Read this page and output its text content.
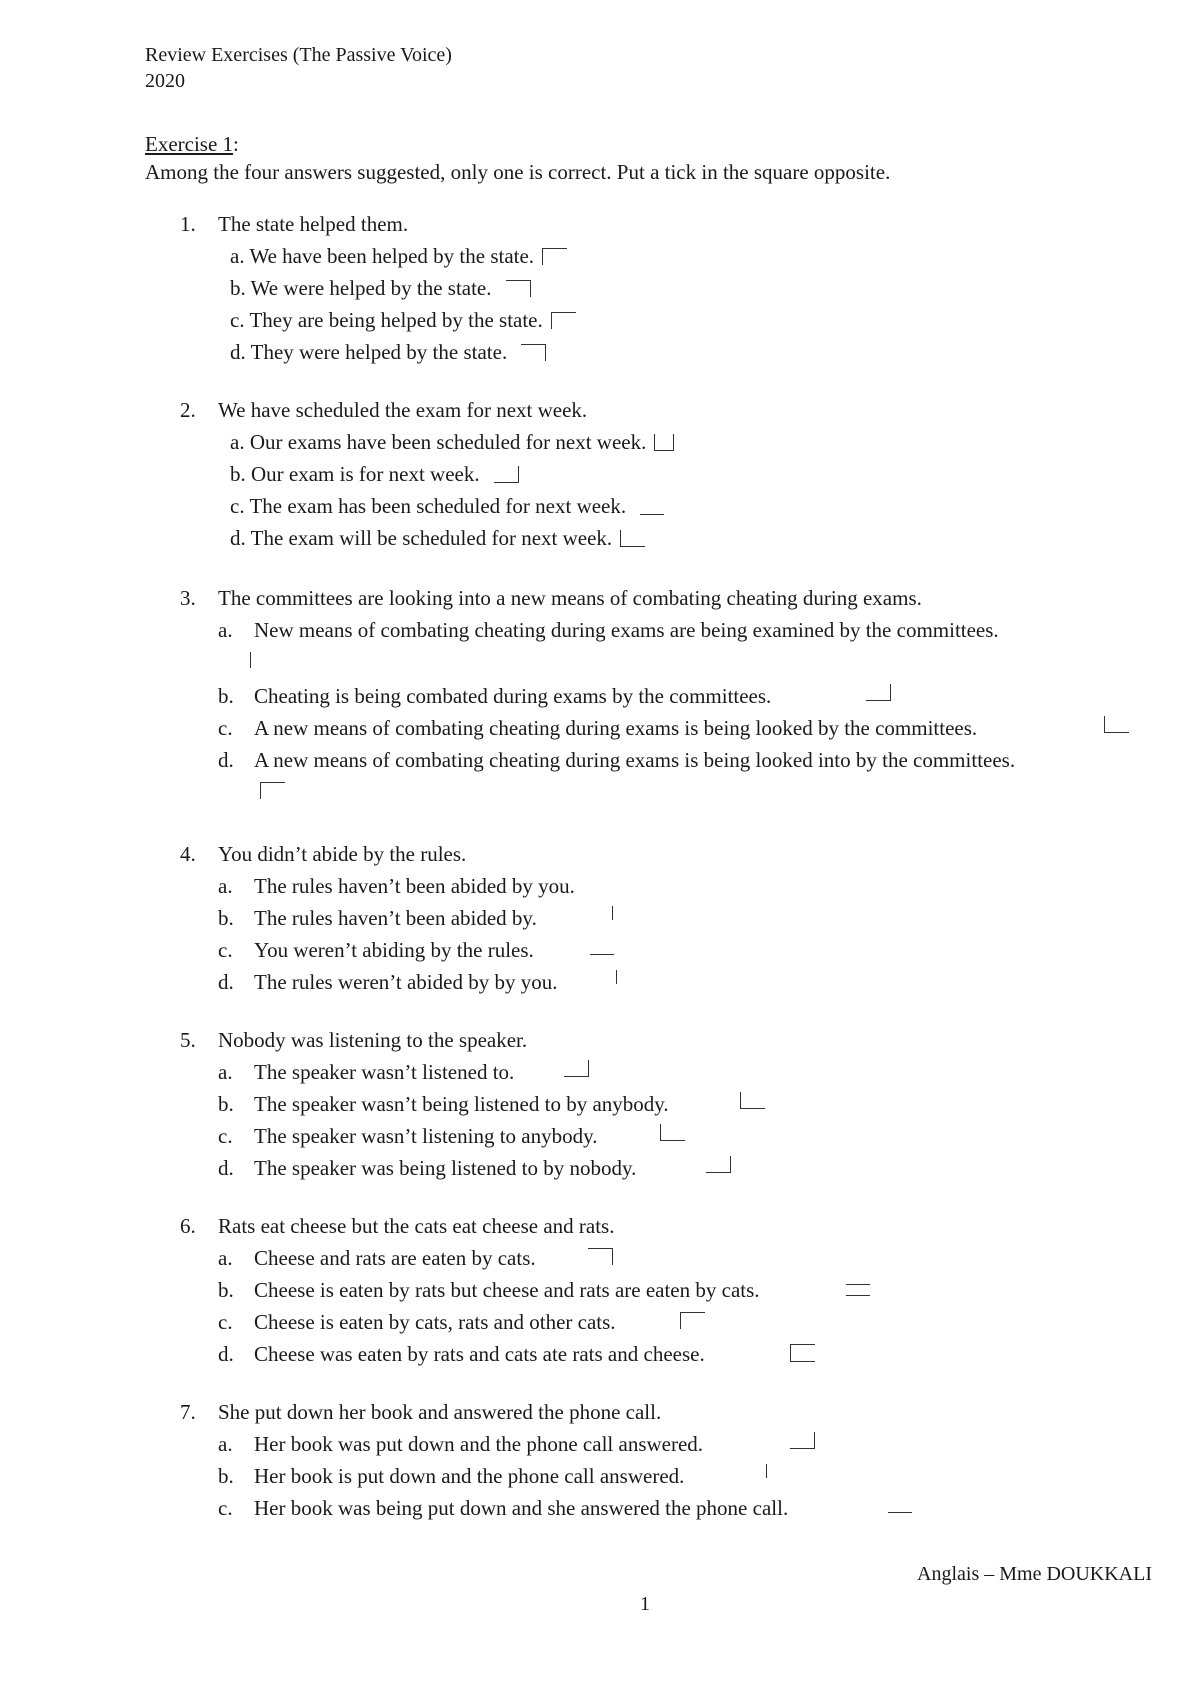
Review Exercises (The Passive Voice)
2020
Exercise 1:
Among the four answers suggested, only one is correct. Put a tick in the square opposite.
1. The state helped them.
a. We have been helped by the state.
b. We were helped by the state.
c. They are being helped by the state.
d. They were helped by the state.
2. We have scheduled the exam for next week.
a. Our exams have been scheduled for next week.
b. Our exam is for next week.
c. The exam has been scheduled for next week.
d. The exam will be scheduled for next week.
3. The committees are looking into a new means of combating cheating during exams.
a. New means of combating cheating during exams are being examined by the committees.
b. Cheating is being combated during exams by the committees.
c. A new means of combating cheating during exams is being looked by the committees.
d. A new means of combating cheating during exams is being looked into by the committees.
4. You didn’t abide by the rules.
a. The rules haven’t been abided by you.
b. The rules haven’t been abided by.
c. You weren’t abiding by the rules.
d. The rules weren’t abided by by you.
5. Nobody was listening to the speaker.
a. The speaker wasn’t listened to.
b. The speaker wasn’t being listened to by anybody.
c. The speaker wasn’t listening to anybody.
d. The speaker was being listened to by nobody.
6. Rats eat cheese but the cats eat cheese and rats.
a. Cheese and rats are eaten by cats.
b. Cheese is eaten by rats but cheese and rats are eaten by cats.
c. Cheese is eaten by cats, rats and other cats.
d. Cheese was eaten by rats and cats ate rats and cheese.
7. She put down her book and answered the phone call.
a. Her book was put down and the phone call answered.
b. Her book is put down and the phone call answered.
c. Her book was being put down and she answered the phone call.
Anglais – Mme DOUKKALI
1
